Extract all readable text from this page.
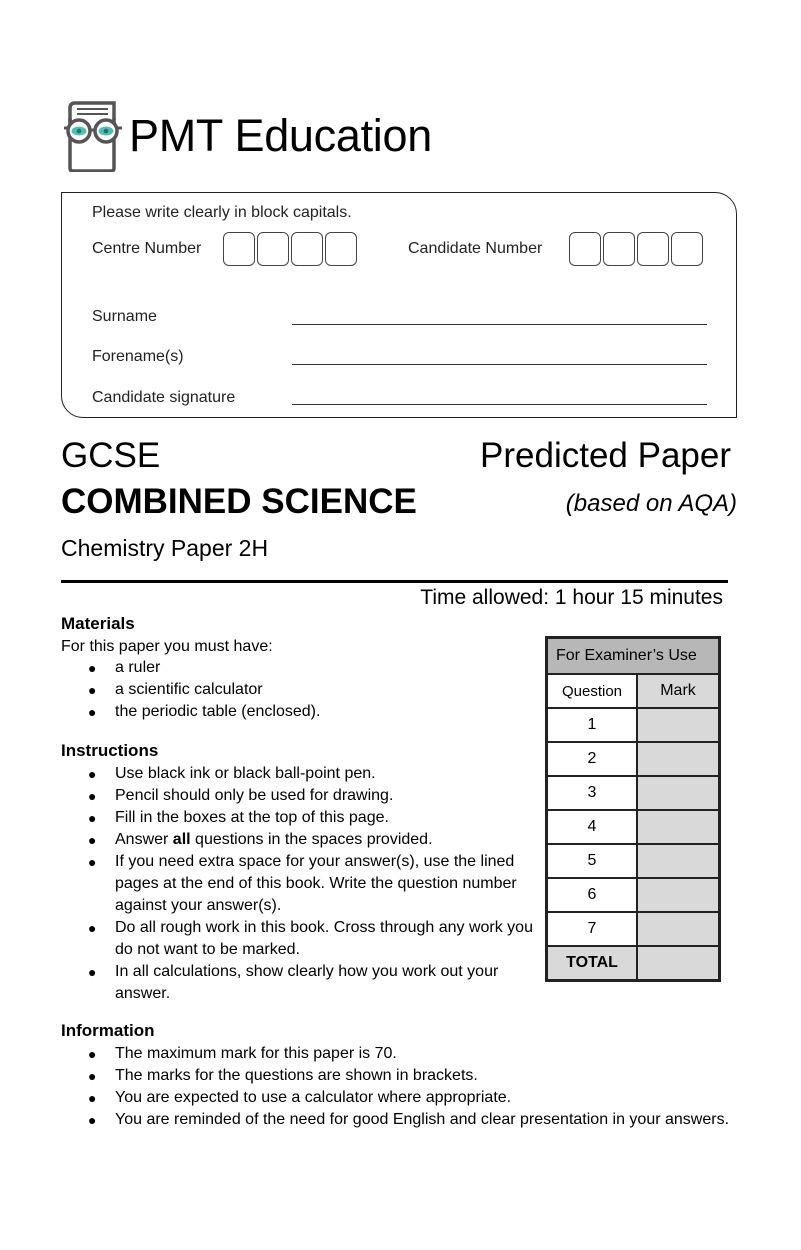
PMT Education
Please write clearly in block capitals.
Centre Number	Candidate Number
Surname
Forename(s)
Candidate signature
GCSE	Predicted Paper
COMBINED SCIENCE	(based on AQA)
Chemistry Paper 2H
Time allowed: 1 hour 15 minutes
Materials
For this paper you must have:
● a ruler
● a scientific calculator
● the periodic table (enclosed).
Instructions
● Use black ink or black ball-point pen.
● Pencil should only be used for drawing.
● Fill in the boxes at the top of this page.
● Answer all questions in the spaces provided.
● If you need extra space for your answer(s), use the lined pages at the end of this book. Write the question number against your answer(s).
● Do all rough work in this book. Cross through any work you do not want to be marked.
● In all calculations, show clearly how you work out your answer.
Information
● The maximum mark for this paper is 70.
● The marks for the questions are shown in brackets.
● You are expected to use a calculator where appropriate.
● You are reminded of the need for good English and clear presentation in your answers.
For Examiner’s Use	
Question	Mark
1	
2	
3	
4	
5	
6	
7	
TOTAL	
